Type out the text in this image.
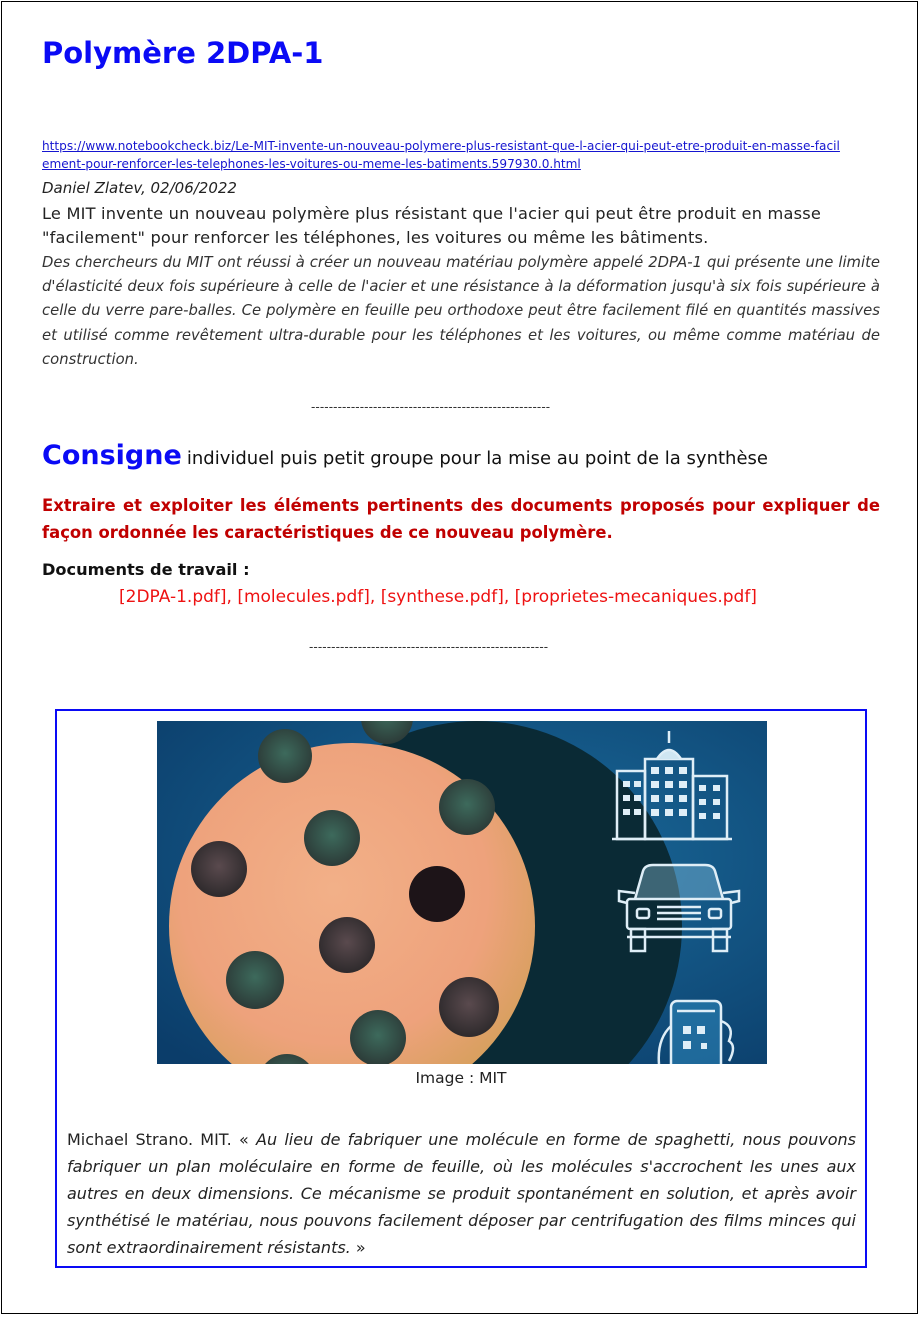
Polymère 2DPA-1
https://www.notebookcheck.biz/Le-MIT-invente-un-nouveau-polymere-plus-resistant-que-l-acier-qui-peut-etre-produit-en-masse-facilement-pour-renforcer-les-telephones-les-voitures-ou-meme-les-batiments.597930.0.html
Daniel Zlatev, 02/06/2022
Le MIT invente un nouveau polymère plus résistant que l'acier qui peut être produit en masse "facilement" pour renforcer les téléphones, les voitures ou même les bâtiments.
Des chercheurs du MIT ont réussi à créer un nouveau matériau polymère appelé 2DPA-1 qui présente une limite d'élasticité deux fois supérieure à celle de l'acier et une résistance à la déformation jusqu'à six fois supérieure à celle du verre pare-balles. Ce polymère en feuille peu orthodoxe peut être facilement filé en quantités massives et utilisé comme revêtement ultra-durable pour les téléphones et les voitures, ou même comme matériau de construction.
------------------------------------------------------
Consigne individuel puis petit groupe pour la mise au point de la synthèse
Extraire et exploiter les éléments pertinents des documents proposés pour expliquer de façon ordonnée les caractéristiques de ce nouveau polymère.
Documents de travail :
[2DPA-1.pdf], [molecules.pdf], [synthese.pdf], [proprietes-mecaniques.pdf]
------------------------------------------------------
Image : MIT
Michael Strano. MIT. « Au lieu de fabriquer une molécule en forme de spaghetti, nous pouvons fabriquer un plan moléculaire en forme de feuille, où les molécules s'accrochent les unes aux autres en deux dimensions. Ce mécanisme se produit spontanément en solution, et après avoir synthétisé le matériau, nous pouvons facilement déposer par centrifugation des films minces qui sont extraordinairement résistants. »
